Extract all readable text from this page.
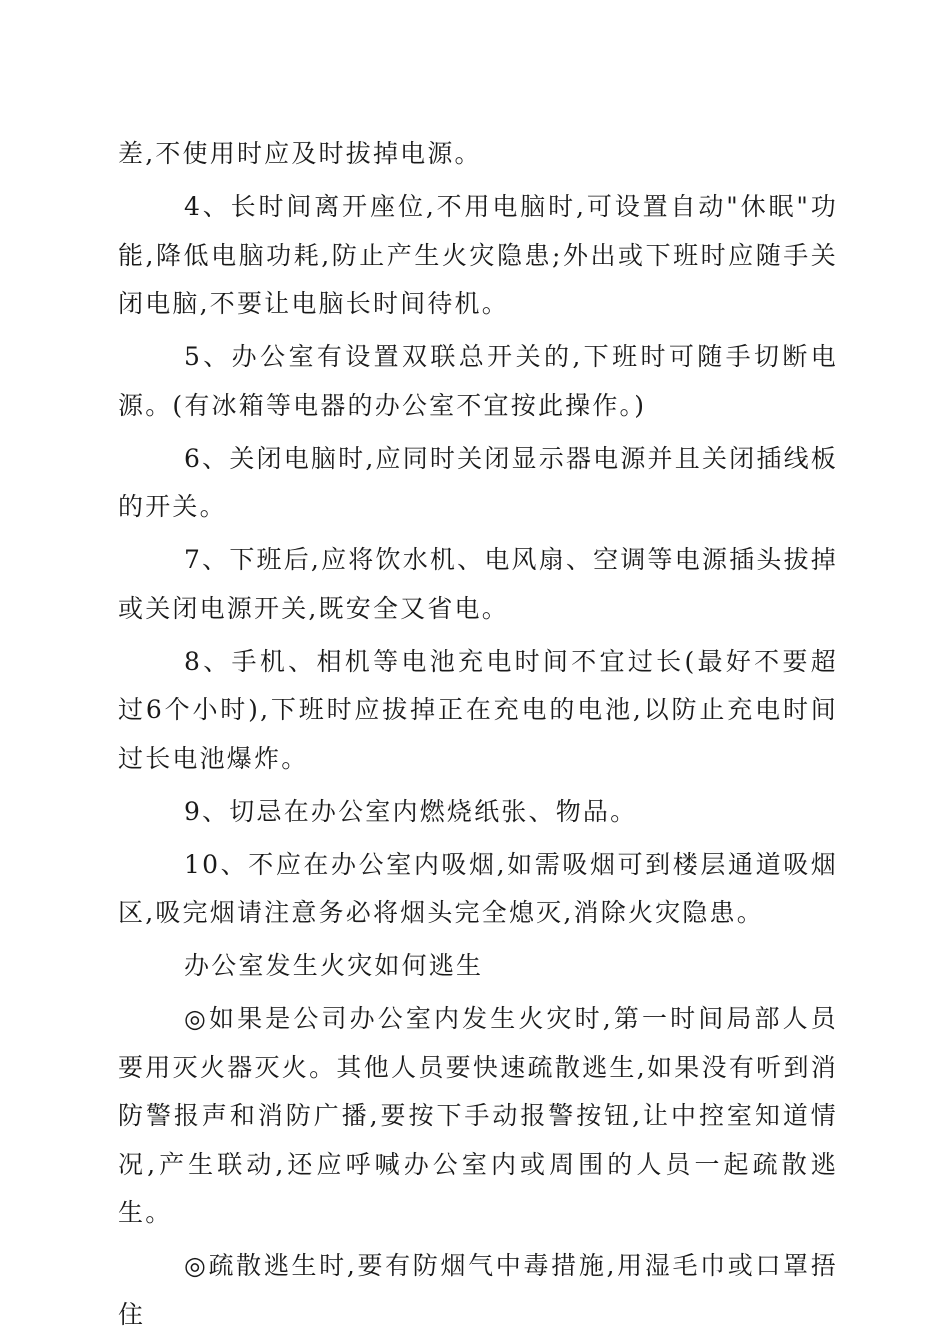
差,不使用时应及时拔掉电源。

4、长时间离开座位,不用电脑时,可设置自动"休眠"功能,降低电脑功耗,防止产生火灾隐患;外出或下班时应随手关闭电脑,不要让电脑长时间待机。

5、办公室有设置双联总开关的,下班时可随手切断电源。(有冰箱等电器的办公室不宜按此操作。)

6、关闭电脑时,应同时关闭显示器电源并且关闭插线板的开关。

7、下班后,应将饮水机、电风扇、空调等电源插头拔掉或关闭电源开关,既安全又省电。

8、手机、相机等电池充电时间不宜过长(最好不要超过6个小时),下班时应拔掉正在充电的电池,以防止充电时间过长电池爆炸。

9、切忌在办公室内燃烧纸张、物品。

10、不应在办公室内吸烟,如需吸烟可到楼层通道吸烟区,吸完烟请注意务必将烟头完全熄灭,消除火灾隐患。

办公室发生火灾如何逃生

◎如果是公司办公室内发生火灾时,第一时间局部人员要用灭火器灭火。其他人员要快速疏散逃生,如果没有听到消防警报声和消防广播,要按下手动报警按钮,让中控室知道情况,产生联动,还应呼喊办公室内或周围的人员一起疏散逃生。

◎疏散逃生时,要有防烟气中毒措施,用湿毛巾或口罩捂住
